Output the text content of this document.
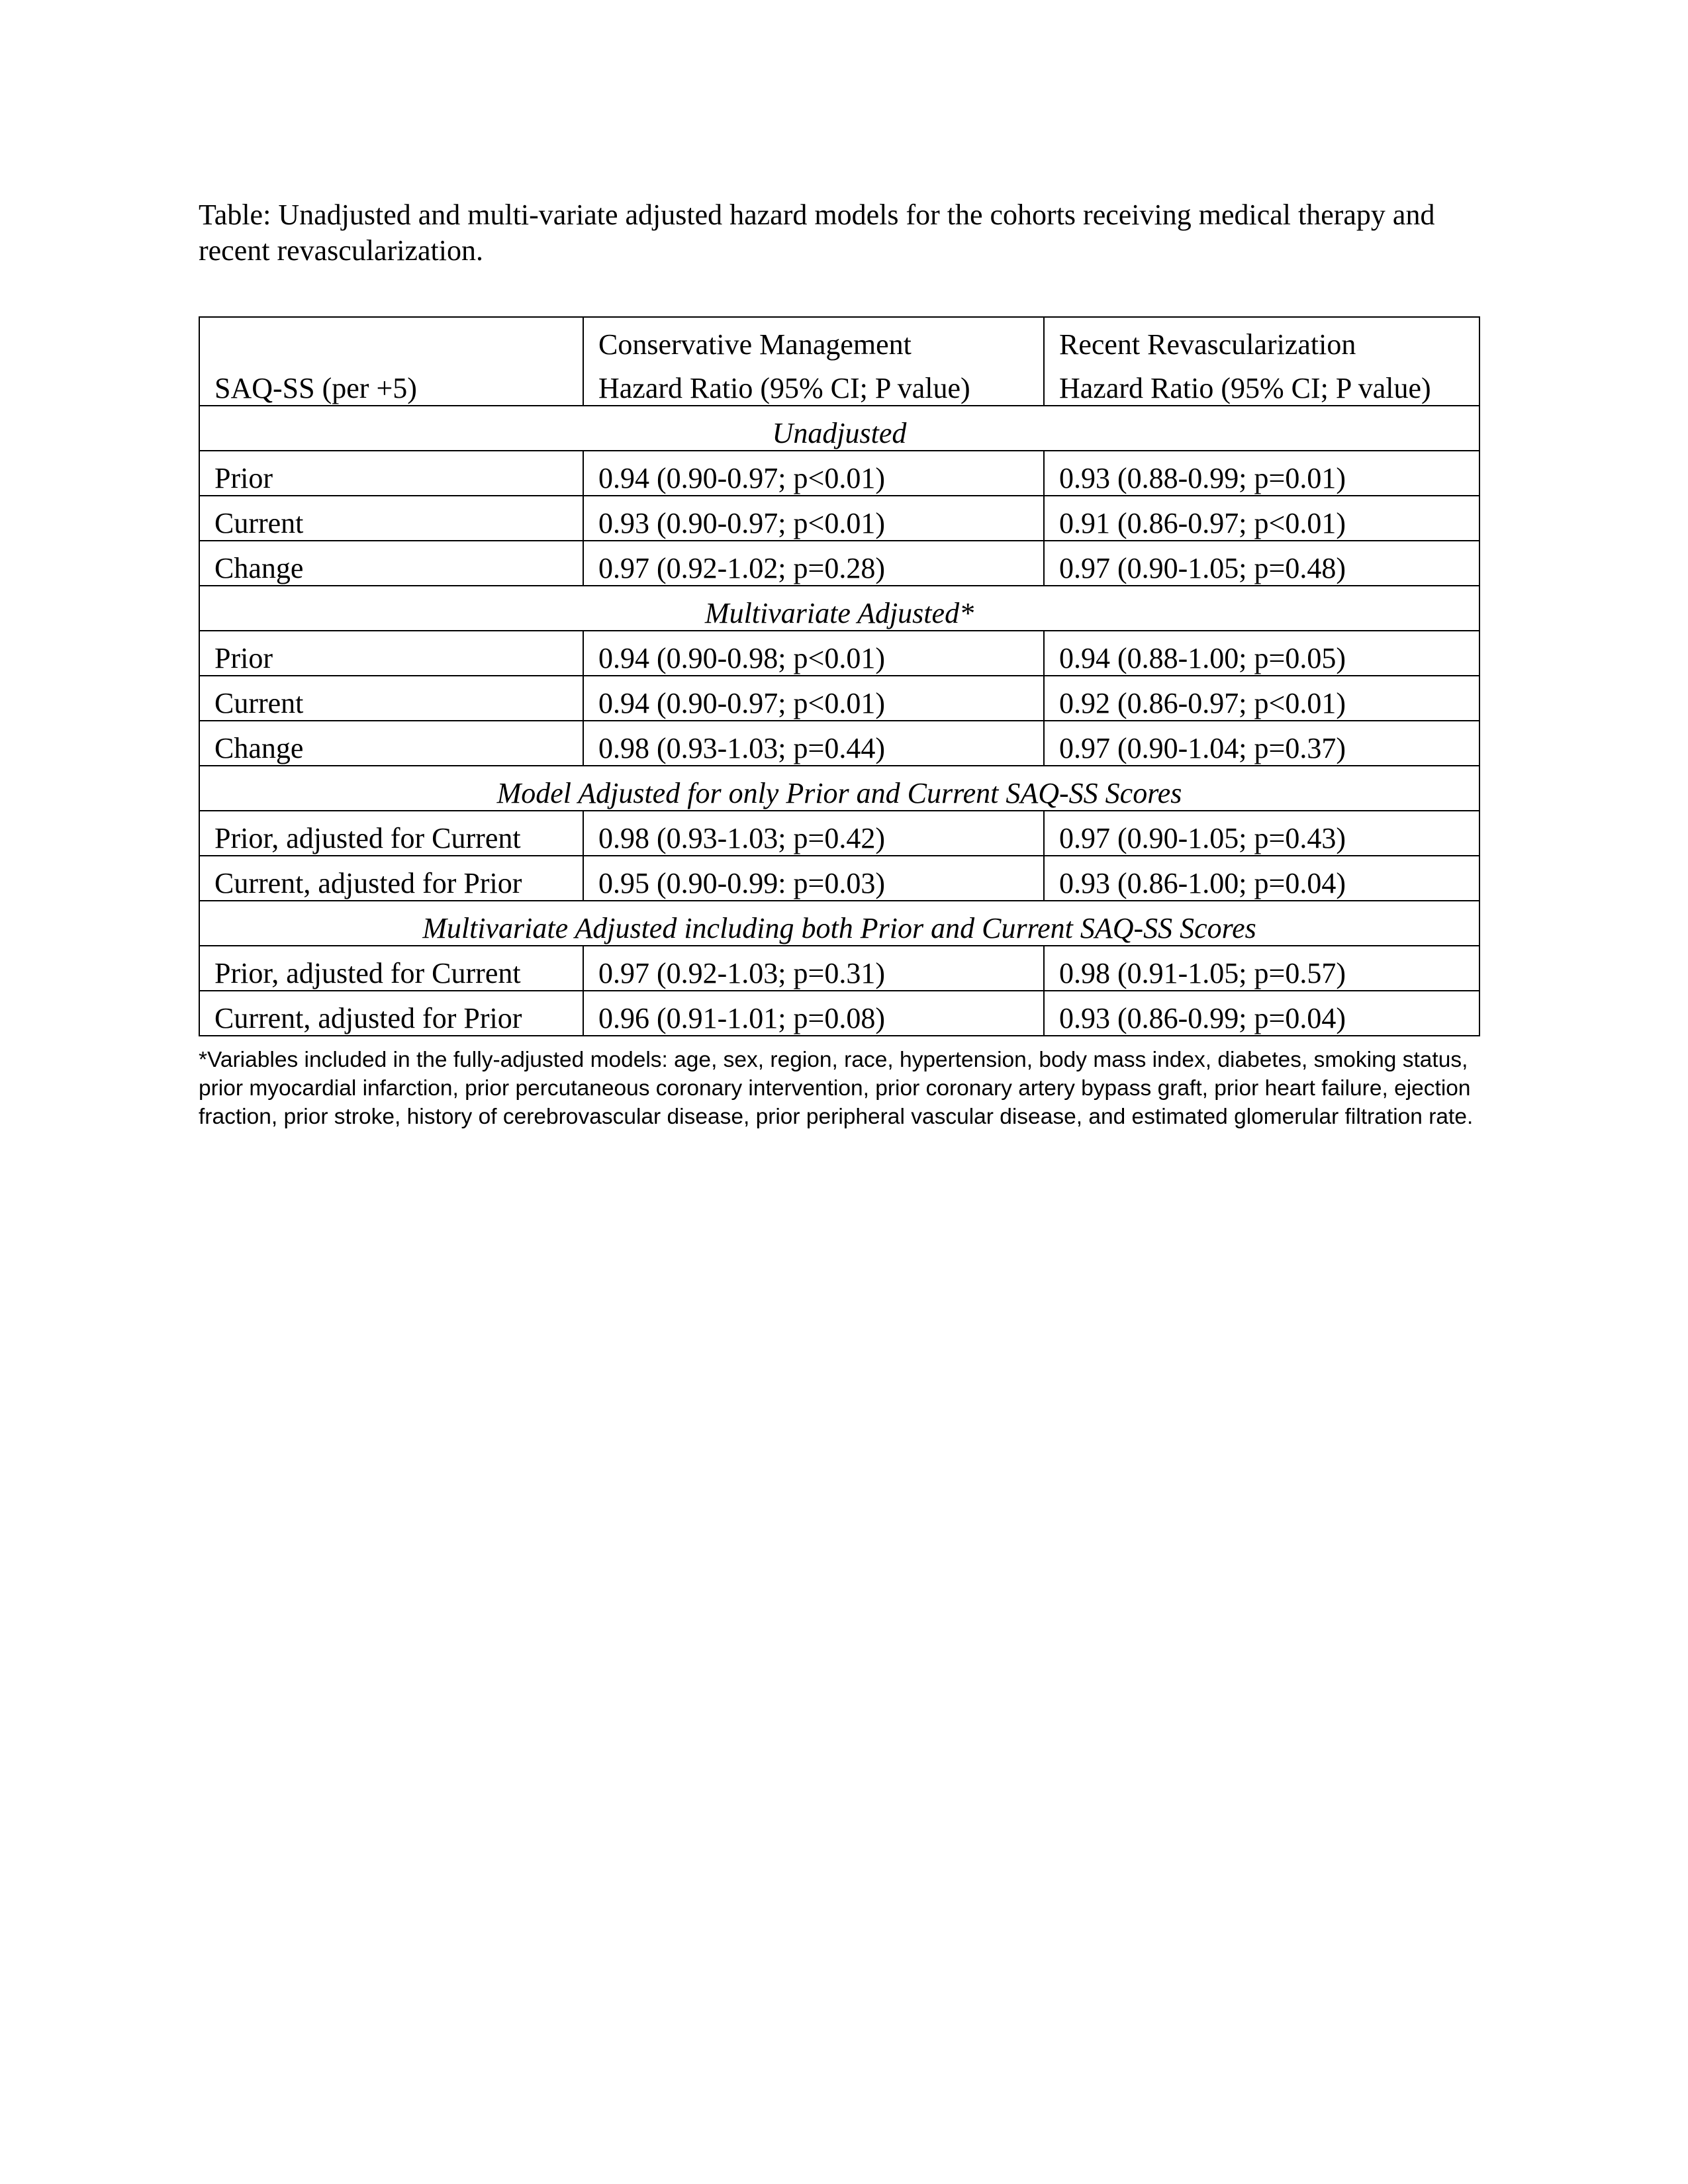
Table: Unadjusted and multi-variate adjusted hazard models for the cohorts receiving medical therapy and recent revascularization.
	Conservative Management	Recent Revascularization
SAQ-SS (per +5)	Hazard Ratio (95% CI; P value)	Hazard Ratio (95% CI; P value)
Unadjusted		
Prior	0.94 (0.90-0.97; p<0.01)	0.93 (0.88-0.99; p=0.01)
Current	0.93 (0.90-0.97; p<0.01)	0.91 (0.86-0.97; p<0.01)
Change	0.97 (0.92-1.02; p=0.28)	0.97 (0.90-1.05; p=0.48)
Multivariate Adjusted*		
Prior	0.94 (0.90-0.98; p<0.01)	0.94 (0.88-1.00; p=0.05)
Current	0.94 (0.90-0.97; p<0.01)	0.92 (0.86-0.97; p<0.01)
Change	0.98 (0.93-1.03; p=0.44)	0.97 (0.90-1.04; p=0.37)
Model Adjusted for only Prior and Current SAQ-SS Scores		
Prior, adjusted for Current	0.98 (0.93-1.03; p=0.42)	0.97 (0.90-1.05; p=0.43)
Current, adjusted for Prior	0.95 (0.90-0.99: p=0.03)	0.93 (0.86-1.00; p=0.04)
Multivariate Adjusted including both Prior and Current SAQ-SS Scores		
Prior, adjusted for Current	0.97 (0.92-1.03; p=0.31)	0.98 (0.91-1.05; p=0.57)
Current, adjusted for Prior	0.96 (0.91-1.01; p=0.08)	0.93 (0.86-0.99; p=0.04)
*Variables included in the fully-adjusted models: age, sex, region, race, hypertension, body mass index, diabetes, smoking status, prior myocardial infarction, prior percutaneous coronary intervention, prior coronary artery bypass graft, prior heart failure, ejection fraction, prior stroke, history of cerebrovascular disease, prior peripheral vascular disease, and estimated glomerular filtration rate.
